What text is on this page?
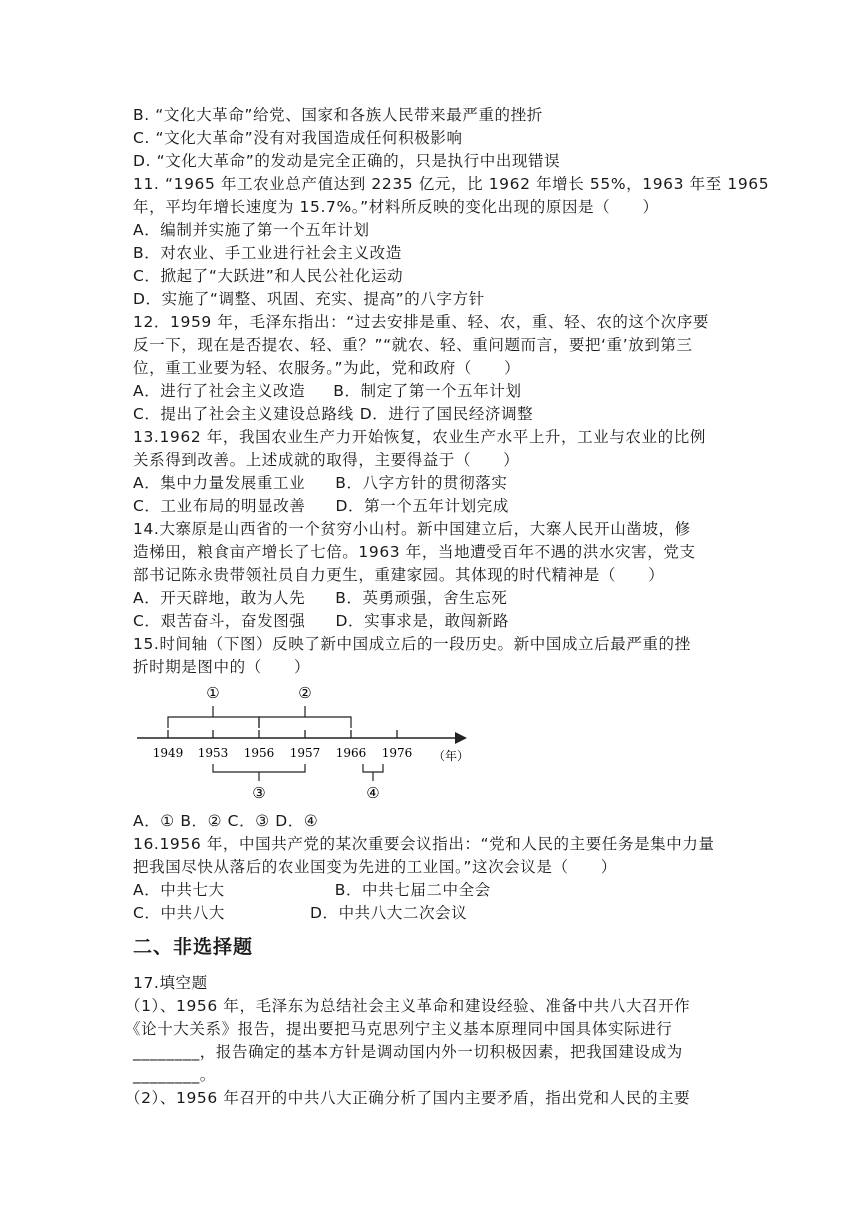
B. “文化大革命”给党、国家和各族人民带来最严重的挫折
C. “文化大革命”没有对我国造成任何积极影响
D. “文化大革命”的发动是完全正确的，只是执行中出现错误
11. “1965 年工农业总产值达到 2235 亿元，比 1962 年增长 55%，1963 年至 1965
年，平均年增长速度为 15.7%。”材料所反映的变化出现的原因是（　　）
A．编制并实施了第一个五年计划
B．对农业、手工业进行社会主义改造
C．掀起了“大跃进”和人民公社化运动
D．实施了“调整、巩固、充实、提高”的八字方针
12．1959 年，毛泽东指出：“过去安排是重、轻、农，重、轻、农的这个次序要
反一下，现在是否提农、轻、重？”“就农、轻、重问题而言，要把‘重’放到第三
位，重工业要为轻、农服务。”为此，党和政府（　　）
A．进行了社会主义改造 B．制定了第一个五年计划
C．提出了社会主义建设总路线 D．进行了国民经济调整
13.1962 年，我国农业生产力开始恢复，农业生产水平上升，工业与农业的比例
关系得到改善。上述成就的取得，主要得益于（　　）
A．集中力量发展重工业 B．八字方针的贯彻落实
C．工业布局的明显改善 D．第一个五年计划完成
14.大寨原是山西省的一个贫穷小山村。新中国建立后，大寨人民开山凿坡，修
造梯田，粮食亩产增长了七倍。1963 年，当地遭受百年不遇的洪水灾害，党支
部书记陈永贵带领社员自力更生，重建家园。其体现的时代精神是（　　）
A．开天辟地，敢为人先 B．英勇顽强，舍生忘死
C．艰苦奋斗，奋发图强 D．实事求是，敢闯新路
15.时间轴（下图）反映了新中国成立后的一段历史。新中国成立后最严重的挫
折时期是图中的（　　）
1949 1953 1956 1957 1966 1976 （年）
①	②
③	④
A．① B．② C．③ D．④
16.1956 年，中国共产党的某次重要会议指出：“党和人民的主要任务是集中力量
把我国尽快从落后的农业国变为先进的工业国。”这次会议是（　　）
A．中共七大	B．中共七届二中全会
C．中共八大	D．中共八大二次会议
二、非选择题
17.填空题
（1）、1956 年，毛泽东为总结社会主义革命和建设经验、准备中共八大召开作
《论十大关系》报告，提出要把马克思列宁主义基本原理同中国具体实际进行
________，报告确定的基本方针是调动国内外一切积极因素，把我国建设成为
________。
（2）、1956 年召开的中共八大正确分析了国内主要矛盾，指出党和人民的主要
